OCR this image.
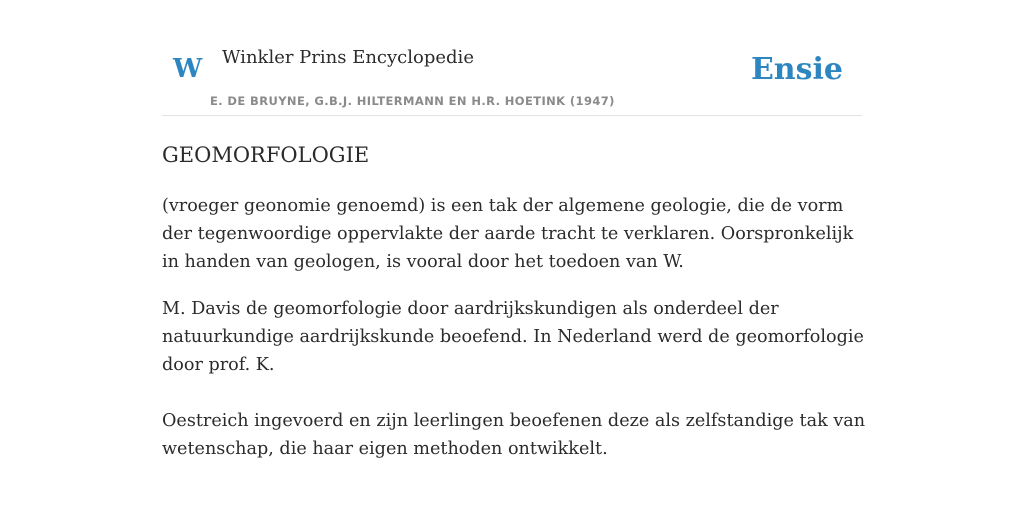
W Winkler Prins Encyclopedie
E. DE BRUYNE, G.B.J. HILTERMANN EN H.R. HOETINK (1947)
Ensie
GEOMORFOLOGIE

(vroeger geonomie genoemd) is een tak der algemene geologie, die de vorm der tegenwoordige oppervlakte der aarde tracht te verklaren. Oorspronkelijk in handen van geologen, is vooral door het toedoen van W.

M. Davis de geomorfologie door aardrijkskundigen als onderdeel der natuurkundige aardrijkskunde beoefend. In Nederland werd de geomorfologie door prof. K.

Oestreich ingevoerd en zijn leerlingen beoefenen deze als zelfstandige tak van wetenschap, die haar eigen methoden ontwikkelt.
